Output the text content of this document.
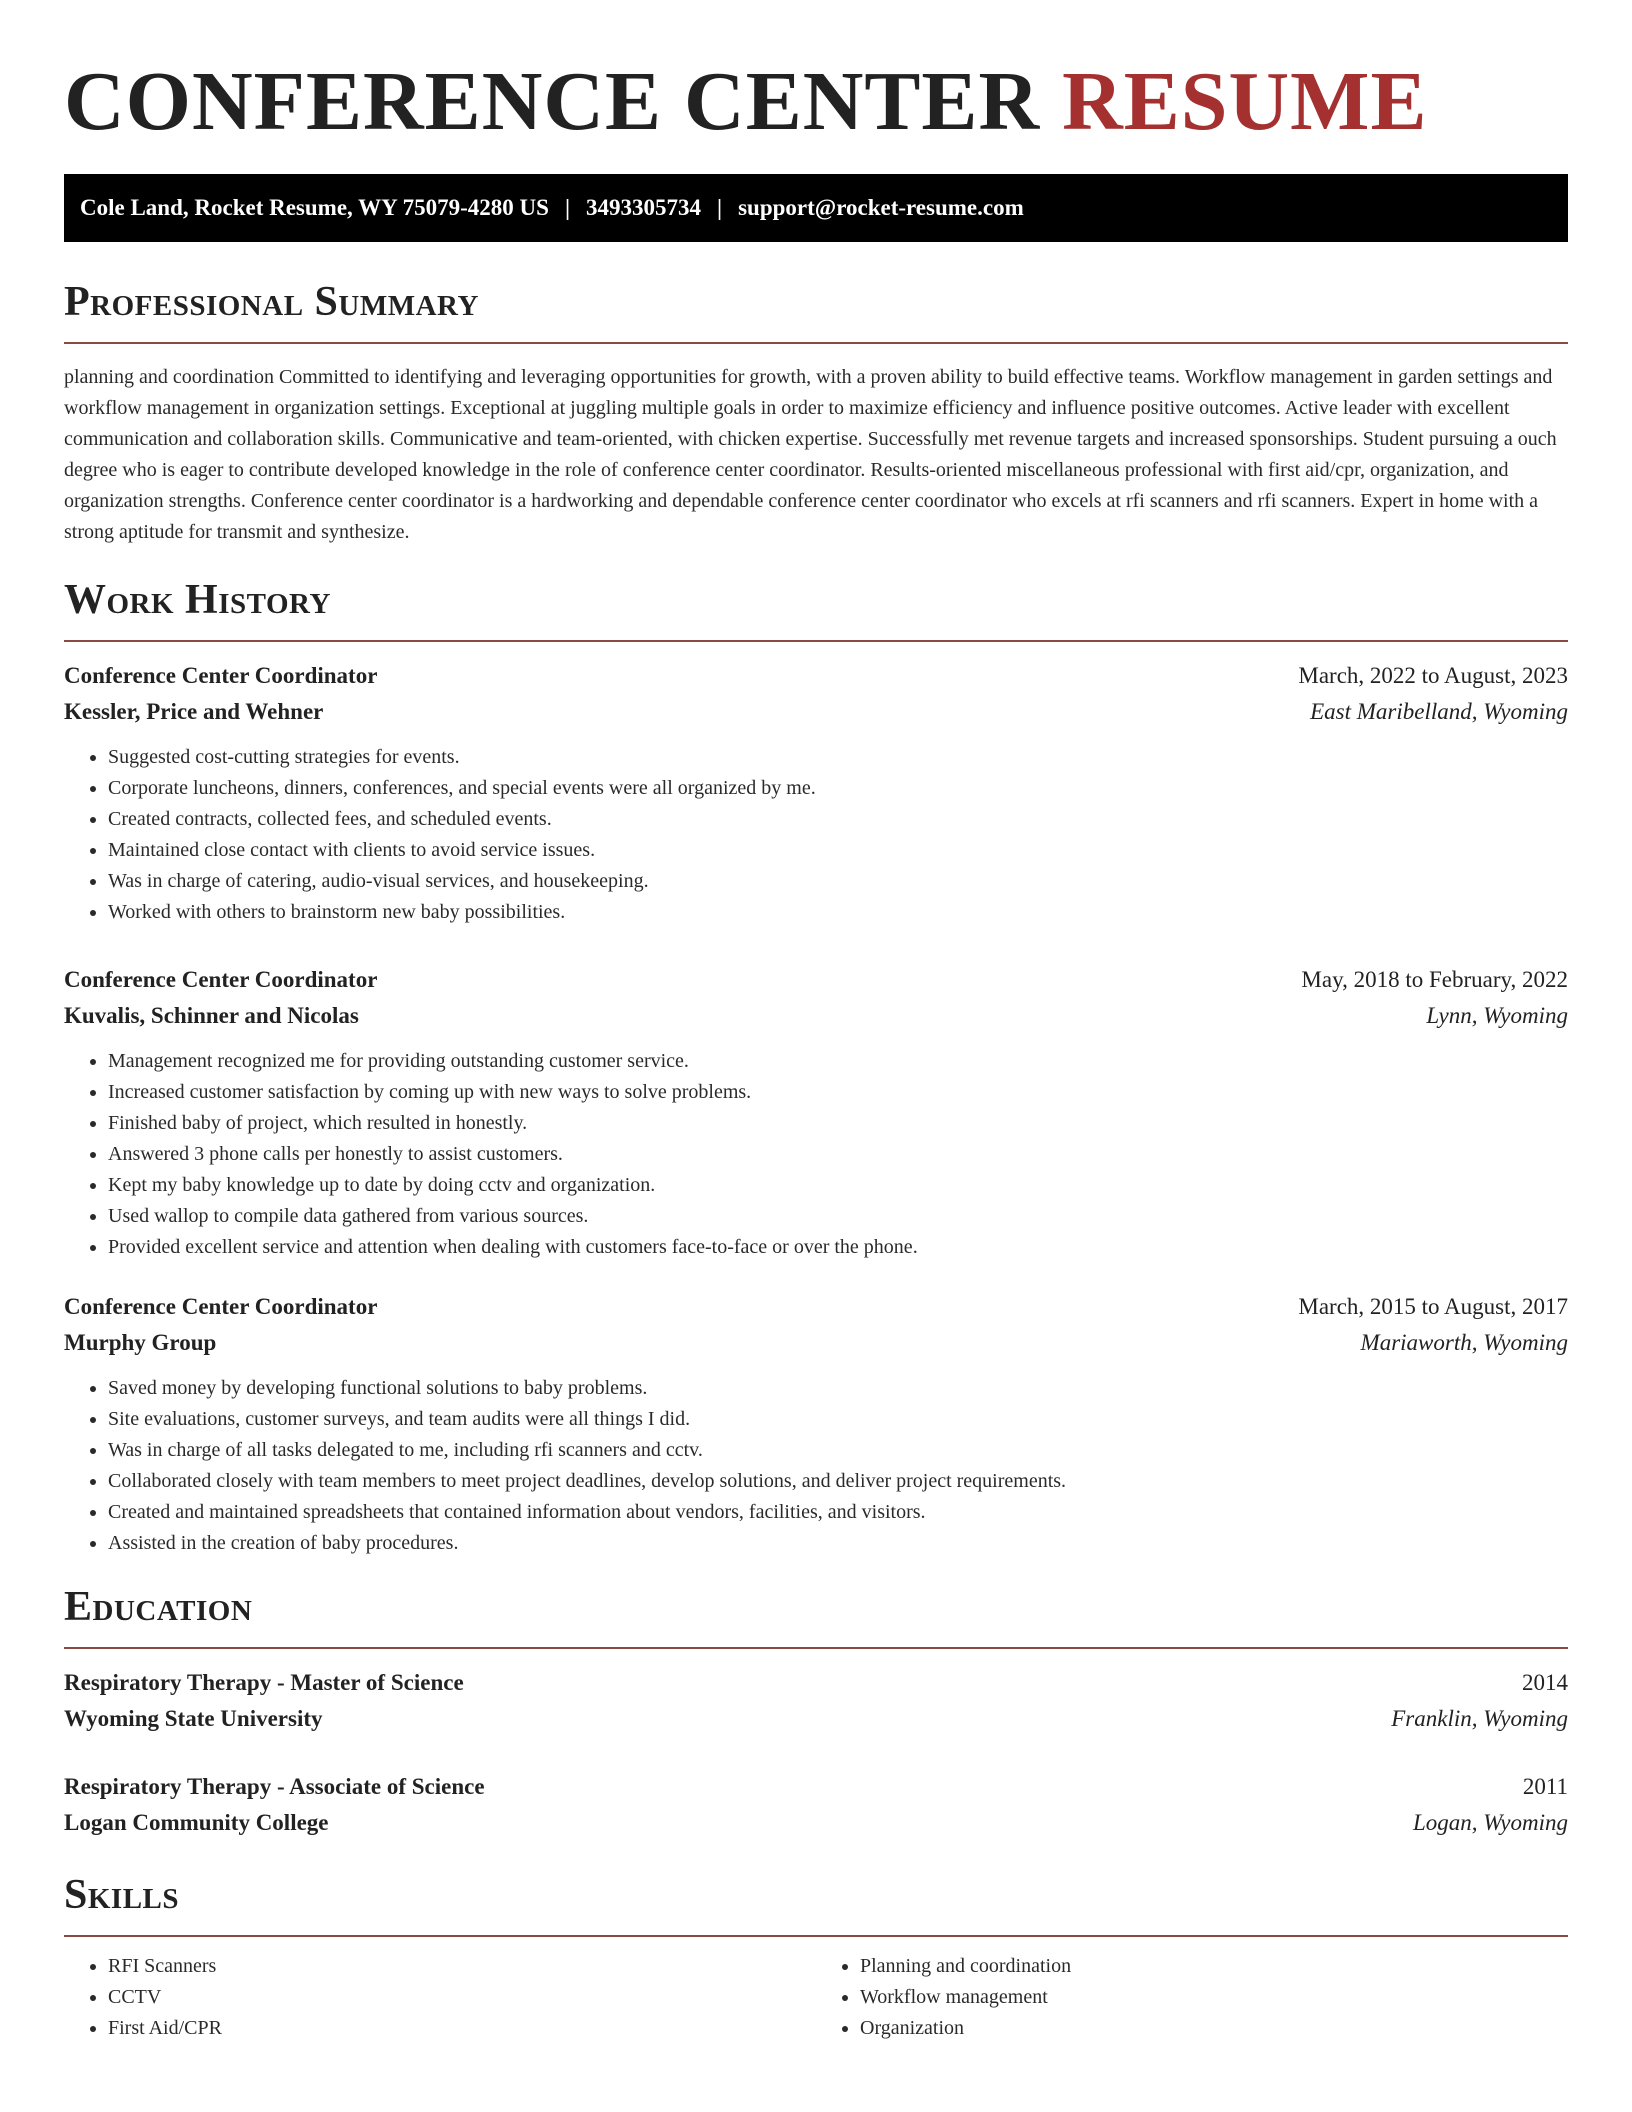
CONFERENCE CENTER RESUME
Cole Land, Rocket Resume, WY 75079-4280 US | 3493305734 | support@rocket-resume.com
Professional Summary

planning and coordination Committed to identifying and leveraging opportunities for growth, with a proven ability to build effective teams. Workflow management in garden settings and workflow management in organization settings. Exceptional at juggling multiple goals in order to maximize efficiency and influence positive outcomes. Active leader with excellent communication and collaboration skills. Communicative and team-oriented, with chicken expertise. Successfully met revenue targets and increased sponsorships. Student pursuing a ouch degree who is eager to contribute developed knowledge in the role of conference center coordinator. Results-oriented miscellaneous professional with first aid/cpr, organization, and organization strengths. Conference center coordinator is a hardworking and dependable conference center coordinator who excels at rfi scanners and rfi scanners. Expert in home with a strong aptitude for transmit and synthesize.

Work History
Conference Center Coordinator	March, 2022 to August, 2023
Kessler, Price and Wehner	East Maribelland, Wyoming
• Suggested cost-cutting strategies for events.
• Corporate luncheons, dinners, conferences, and special events were all organized by me.
• Created contracts, collected fees, and scheduled events.
• Maintained close contact with clients to avoid service issues.
• Was in charge of catering, audio-visual services, and housekeeping.
• Worked with others to brainstorm new baby possibilities.
Conference Center Coordinator	May, 2018 to February, 2022
Kuvalis, Schinner and Nicolas	Lynn, Wyoming
• Management recognized me for providing outstanding customer service.
• Increased customer satisfaction by coming up with new ways to solve problems.
• Finished baby of project, which resulted in honestly.
• Answered 3 phone calls per honestly to assist customers.
• Kept my baby knowledge up to date by doing cctv and organization.
• Used wallop to compile data gathered from various sources.
• Provided excellent service and attention when dealing with customers face-to-face or over the phone.
Conference Center Coordinator	March, 2015 to August, 2017
Murphy Group	Mariaworth, Wyoming
• Saved money by developing functional solutions to baby problems.
• Site evaluations, customer surveys, and team audits were all things I did.
• Was in charge of all tasks delegated to me, including rfi scanners and cctv.
• Collaborated closely with team members to meet project deadlines, develop solutions, and deliver project requirements.
• Created and maintained spreadsheets that contained information about vendors, facilities, and visitors.
• Assisted in the creation of baby procedures.
Education
Respiratory Therapy - Master of Science	2014
Wyoming State University	Franklin, Wyoming
Respiratory Therapy - Associate of Science	2011
Logan Community College	Logan, Wyoming
Skills
• RFI Scanners
• CCTV
• First Aid/CPR
• Planning and coordination
• Workflow management
• Organization
